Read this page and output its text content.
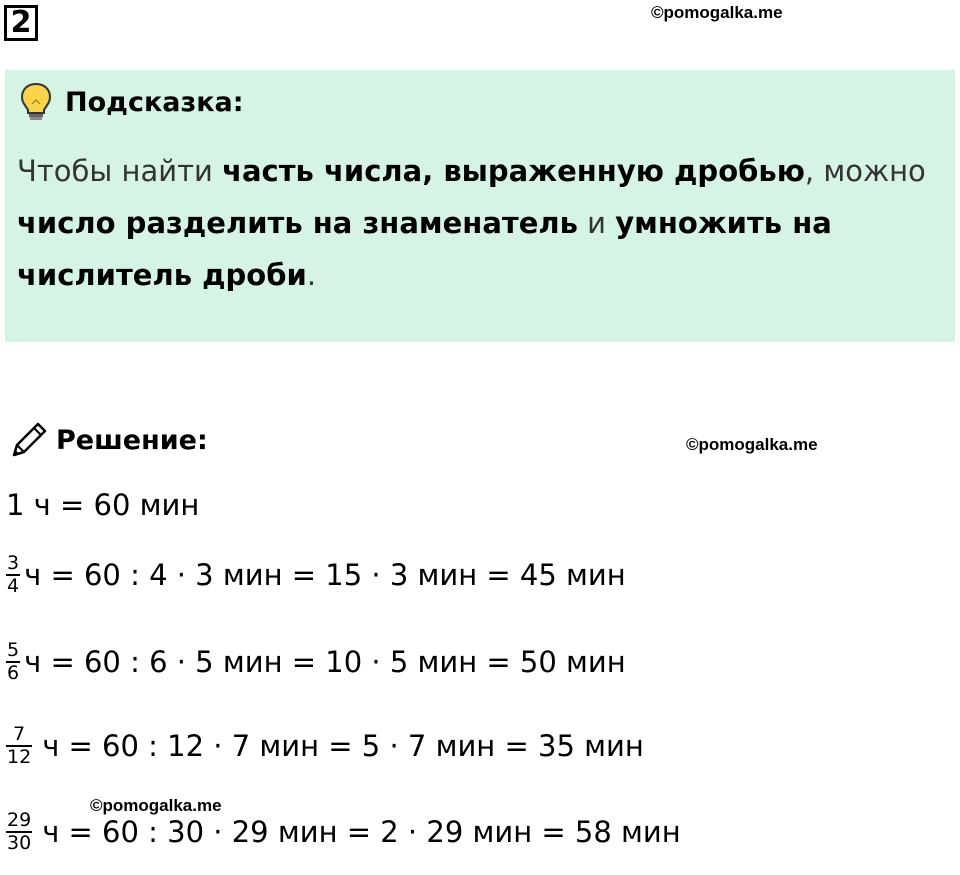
2	©pomogalka.me
Подсказка:
Чтобы найти часть числа, выраженную дробью, можно
число разделить на знаменатель и умножить на числитель дроби.
Решение:	©pomogalka.me
1 ч = 60 мин
$\frac{3}{4}$ ч = 60 : 4 · 3 мин = 15 · 3 мин = 45 мин
$\frac{5}{6}$ ч = 60 : 6 · 5 мин = 10 · 5 мин = 50 мин
$\frac{7}{12}$ ч = 60 : 12 · 7 мин = 5 · 7 мин = 35 мин
©pomogalka.me
$\frac{29}{30}$ ч = 60 : 30 · 29 мин = 2 · 29 мин = 58 мин
